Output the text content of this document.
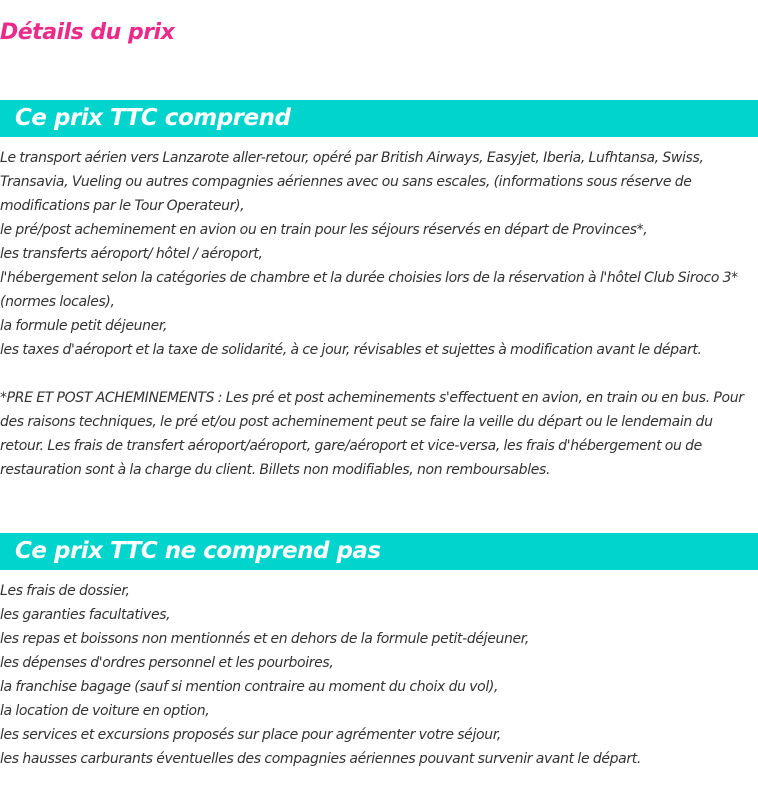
Détails du prix
Ce prix TTC comprend
Le transport aérien vers Lanzarote aller-retour, opéré par British Airways, Easyjet, Iberia, Lufhtansa, Swiss, Transavia, Vueling ou autres compagnies aériennes avec ou sans escales, (informations sous réserve de modifications par le Tour Operateur),
le pré/post acheminement en avion ou en train pour les séjours réservés en départ de Provinces*,
les transferts aéroport/ hôtel / aéroport,
l'hébergement selon la catégories de chambre et la durée choisies lors de la réservation à l'hôtel Club Siroco 3* (normes locales),
la formule petit déjeuner,
les taxes d'aéroport et la taxe de solidarité, à ce jour, révisables et sujettes à modification avant le départ.
*PRE ET POST ACHEMINEMENTS : Les pré et post acheminements s'effectuent en avion, en train ou en bus. Pour des raisons techniques, le pré et/ou post acheminement peut se faire la veille du départ ou le lendemain du retour. Les frais de transfert aéroport/aéroport, gare/aéroport et vice-versa, les frais d'hébergement ou de restauration sont à la charge du client. Billets non modifiables, non remboursables.
Ce prix TTC ne comprend pas
Les frais de dossier,
les garanties facultatives,
les repas et boissons non mentionnés et en dehors de la formule petit-déjeuner,
les dépenses d'ordres personnel et les pourboires,
la franchise bagage (sauf si mention contraire au moment du choix du vol),
la location de voiture en option,
les services et excursions proposés sur place pour agrémenter votre séjour,
les hausses carburants éventuelles des compagnies aériennes pouvant survenir avant le départ.
